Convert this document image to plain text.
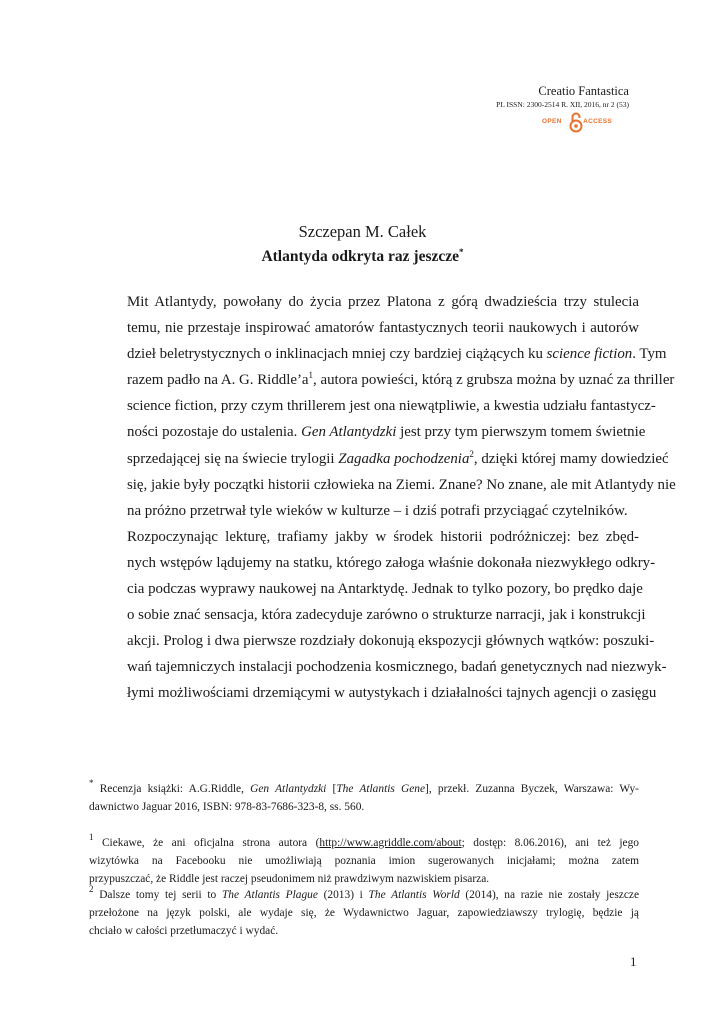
Creatio Fantastica
PL ISSN: 2300-2514 R. XII, 2016, nr 2 (53)
OPEN	ACCESS
Szczepan M. Całek
Atlantyda odkryta raz jeszcze*

Mit Atlantydy, powołany do życia przez Platona z górą dwadzieścia trzy stulecia
temu, nie przestaje inspirować amatorów fantastycznych teorii naukowych i autorów
dzieł beletrystycznych o inklinacjach mniej czy bardziej ciążących ku science fiction. Tym
razem padło na A. G. $Riddle’a^1$, autora powieści, którą z grubsza można by uznać za thriller
science fiction, przy czym thrillerem jest ona niewątpliwie, a kwestia udziału fantastycz-
ności pozostaje do ustalenia. Gen Atlantydzki jest przy tym pierwszym tomem świetnie
sprzedającej się na świecie trylogii Zagadka pochodzenia$^2$, dzięki której mamy dowiedzieć
się, jakie były początki historii człowieka na Ziemi. Znane? No znane, ale mit Atlantydy nie
na próżno przetrwał tyle wieków w kulturze – i dziś potrafi przyciągać czytelników.

Rozpoczynając lekturę, trafiamy jakby w środek historii podróżniczej: bez zbęd-
nych wstępów lądujemy na statku, którego załoga właśnie dokonała niezwykłego odkry-
cia podczas wyprawy naukowej na Antarktydę. Jednak to tylko pozory, bo prędko daje
o sobie znać sensacja, która zadecyduje zarówno o strukturze narracji, jak i konstrukcji
akcji. Prolog i dwa pierwsze rozdziały dokonują ekspozycji głównych wątków: poszuki-
wań tajemniczych instalacji pochodzenia kosmicznego, badań genetycznych nad niezwyk-
łymi możliwościami drzemiącymi w autystykach i działalności tajnych agencji o zasięgu

* Recenzja książki: A.G.Riddle, Gen Atlantydzki [The Atlantis Gene], przekł. Zuzanna Byczek, Warszawa: Wy-
dawnictwo Jaguar 2016, ISBN: 978-83-7686-323-8, ss. 560.
$^1$ Ciekawe, że ani oficjalna strona autora (http://www.agriddle.com/about; dostęp: 8.06.2016), ani też jego
wizytówka na Facebooku nie umożliwiają poznania imion sugerowanych inicjałami; można zatem
przypuszczać, że Riddle jest raczej pseudonimem niż prawdziwym nazwiskiem pisarza.
$^2$ Dalsze tomy tej serii to The Atlantis Plague (2013) i The Atlantis World (2014), na razie nie zostały jeszcze
przełożone na język polski, ale wydaje się, że Wydawnictwo Jaguar, zapowiedziawszy trylogię, będzie ją
chciało w całości przetłumaczyć i wydać.
1
